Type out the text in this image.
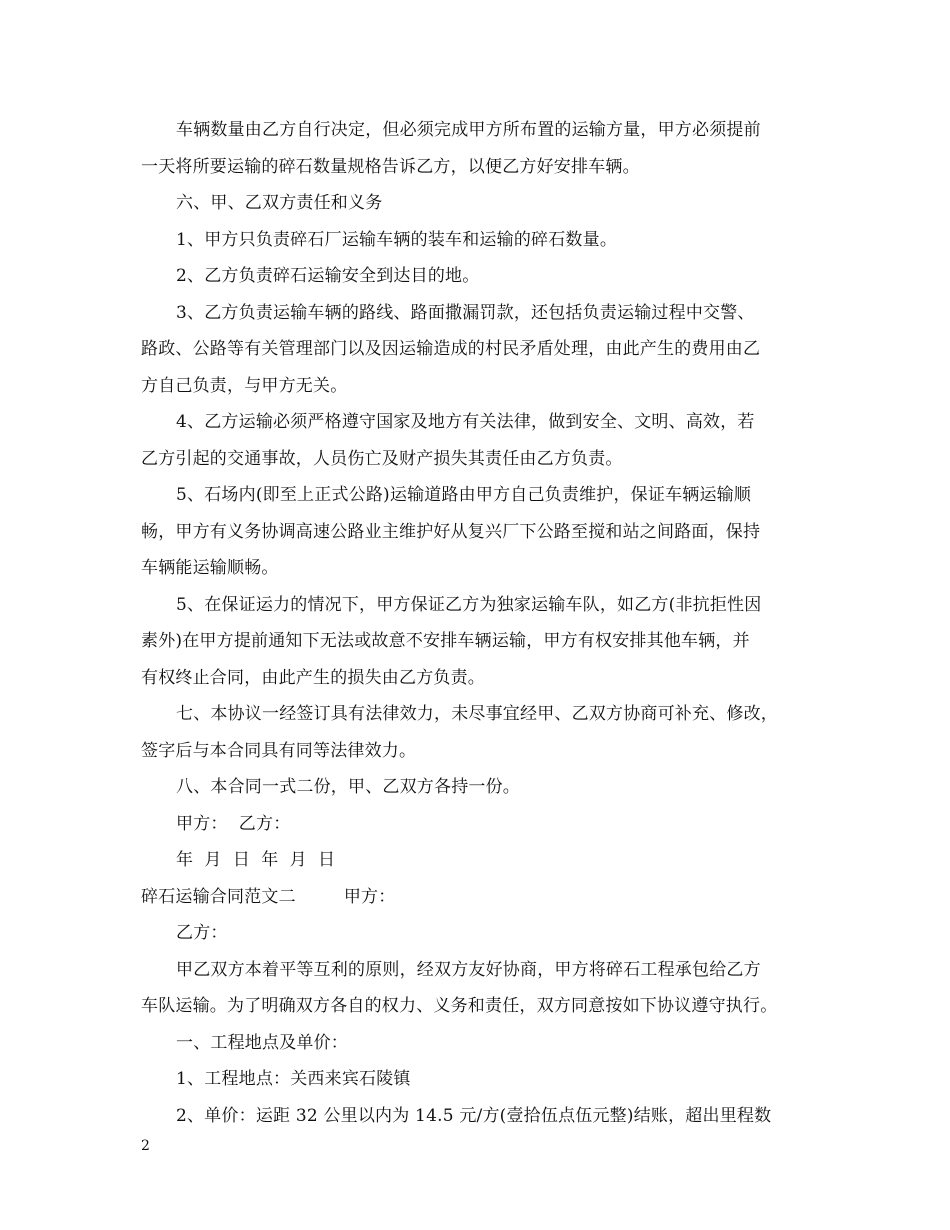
车辆数量由乙方自行决定，但必须完成甲方所布置的运输方量，甲方必须提前
一天将所要运输的碎石数量规格告诉乙方，以便乙方好安排车辆。
六、甲、乙双方责任和义务
1、甲方只负责碎石厂运输车辆的装车和运输的碎石数量。
2、乙方负责碎石运输安全到达目的地。
3、乙方负责运输车辆的路线、路面撒漏罚款，还包括负责运输过程中交警、
路政、公路等有关管理部门以及因运输造成的村民矛盾处理，由此产生的费用由乙
方自己负责，与甲方无关。
4、乙方运输必须严格遵守国家及地方有关法律，做到安全、文明、高效，若
乙方引起的交通事故，人员伤亡及财产损失其责任由乙方负责。
5、石场内(即至上正式公路)运输道路由甲方自己负责维护，保证车辆运输顺
畅，甲方有义务协调高速公路业主维护好从复兴厂下公路至搅和站之间路面，保持
车辆能运输顺畅。
5、在保证运力的情况下，甲方保证乙方为独家运输车队，如乙方(非抗拒性因
素外)在甲方提前通知下无法或故意不安排车辆运输，甲方有权安排其他车辆，并
有权终止合同，由此产生的损失由乙方负责。
七、本协议一经签订具有法律效力，未尽事宜经甲、乙双方协商可补充、修改，
签字后与本合同具有同等法律效力。
八、本合同一式二份，甲、乙双方各持一份。
甲方：  乙方：
年  月  日  年  月  日
碎石运输合同范文二	甲方：
乙方：
甲乙双方本着平等互利的原则，经双方友好协商，甲方将碎石工程承包给乙方
车队运输。为了明确双方各自的权力、义务和责任，双方同意按如下协议遵守执行。
一、工程地点及单价：
1、工程地点：关西来宾石陵镇
2、单价：运距 32 公里以内为 14.5 元/方(壹拾伍点伍元整)结账，超出里程数
2
